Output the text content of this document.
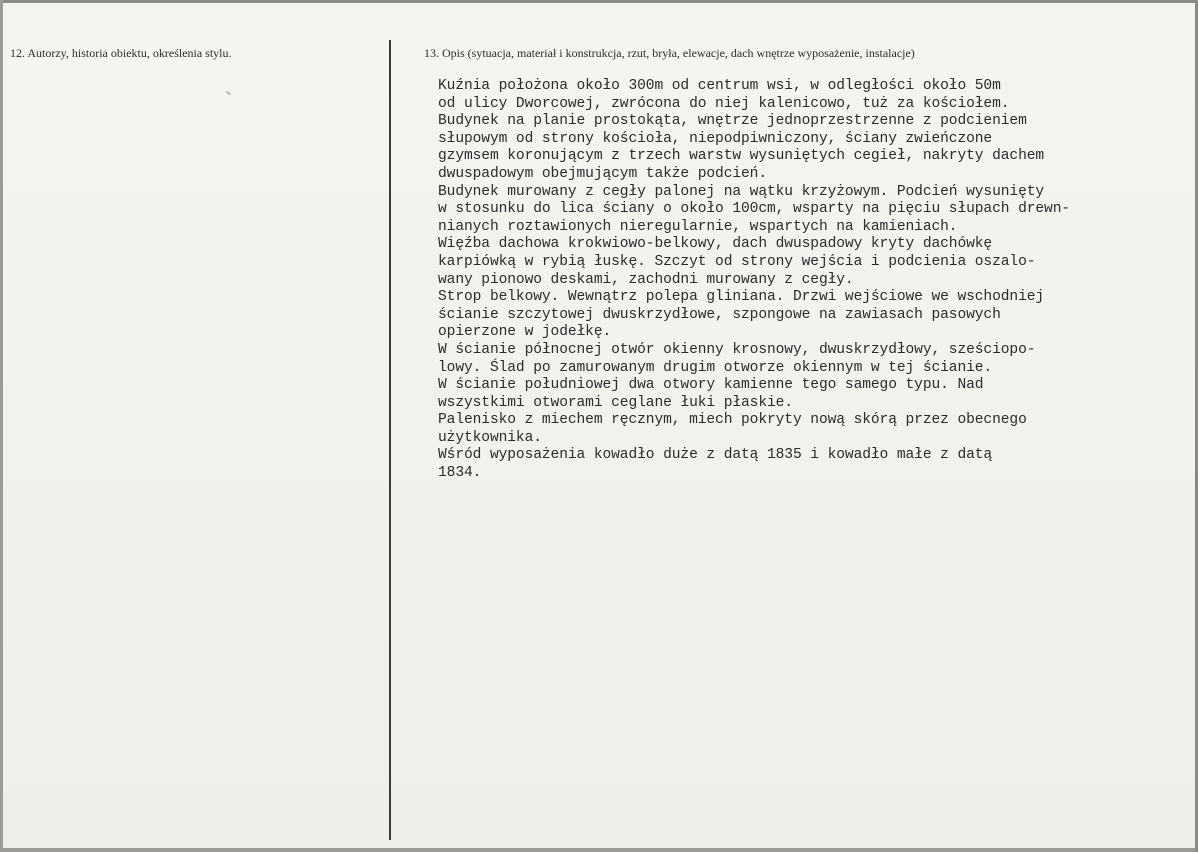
12. Autorzy, historia obiektu, określenia stylu.	13. Opis (sytuacja, materiał i konstrukcja, rzut, bryła, elewacje, dach wnętrze wyposażenie, instalacje)
Kuźnia położona około 300m od centrum wsi, w odległości około 50m
od ulicy Dworcowej, zwrócona do niej kalenicowo, tuż za kościołem.
Budynek na planie prostokąta, wnętrze jednoprzestrzenne z podcieniem
słupowym od strony kościoła, niepodpiwniczony, ściany zwieńczone
gzymsem koronującym z trzech warstw wysuniętych cegieł, nakryty dachem
dwuspadowym obejmującym także podcień.
Budynek murowany z cegły palonej na wątku krzyżowym. Podcień wysunięty
w stosunku do lica ściany o około 100cm, wsparty na pięciu słupach drewn-
nianych roztawionych nieregularnie, wspartych na kamieniach.
Więźba dachowa krokwiowo-belkowy, dach dwuspadowy kryty dachówkę
karpiówką w rybią łuskę. Szczyt od strony wejścia i podcienia oszalo-
wany pionowo deskami, zachodni murowany z cegły.
Strop belkowy. Wewnątrz polepa gliniana. Drzwi wejściowe we wschodniej
ścianie szczytowej dwuskrzydłowe, szpongowe na zawiasach pasowych
opierzone w jodełkę.
W ścianie północnej otwór okienny krosnowy, dwuskrzydłowy, sześciopo-
lowy. Ślad po zamurowanym drugim otworze okiennym w tej ścianie.
W ścianie południowej dwa otwory kamienne tego samego typu. Nad
wszystkimi otworami ceglane łuki płaskie.
Palenisko z miechem ręcznym, miech pokryty nową skórą przez obecnego
użytkownika.
Wśród wyposażenia kowadło duże z datą 1835 i kowadło małe z datą
1834.
